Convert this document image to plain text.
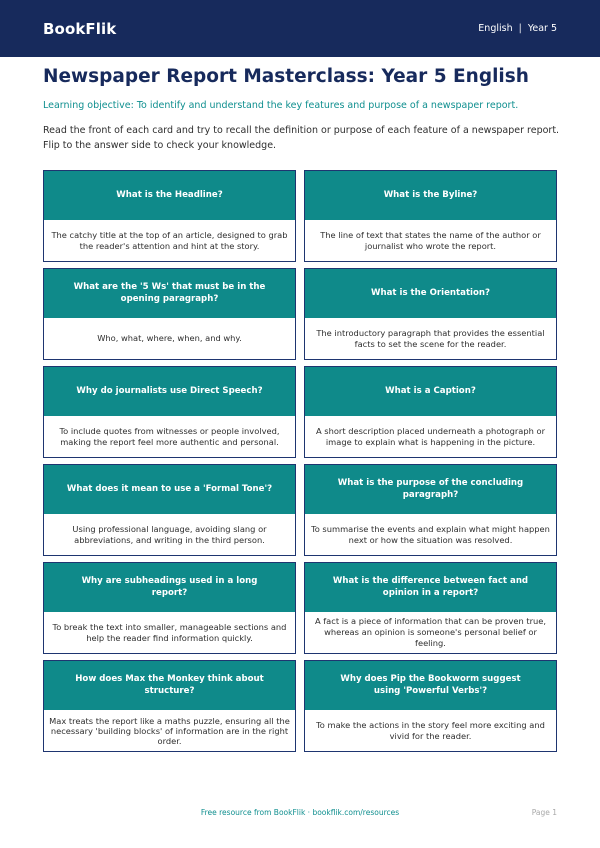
BookFlik	English | Year 5
Newspaper Report Masterclass: Year 5 English
Learning objective: To identify and understand the key features and purpose of a newspaper report.
Read the front of each card and try to recall the definition or purpose of each feature of a newspaper report. Flip to the answer side to check your knowledge.
What is the Headline?
The catchy title at the top of an article, designed to grab the reader's attention and hint at the story.
What is the Byline?
The line of text that states the name of the author or journalist who wrote the report.
What are the '5 Ws' that must be in the opening paragraph?
Who, what, where, when, and why.
What is the Orientation?
The introductory paragraph that provides the essential facts to set the scene for the reader.
Why do journalists use Direct Speech?
To include quotes from witnesses or people involved, making the report feel more authentic and personal.
What is a Caption?
A short description placed underneath a photograph or image to explain what is happening in the picture.
What does it mean to use a 'Formal Tone'?
Using professional language, avoiding slang or abbreviations, and writing in the third person.
What is the purpose of the concluding paragraph?
To summarise the events and explain what might happen next or how the situation was resolved.
Why are subheadings used in a long report?
To break the text into smaller, manageable sections and help the reader find information quickly.
What is the difference between fact and opinion in a report?
A fact is a piece of information that can be proven true, whereas an opinion is someone's personal belief or feeling.
How does Max the Monkey think about structure?
Max treats the report like a maths puzzle, ensuring all the necessary 'building blocks' of information are in the right order.
Why does Pip the Bookworm suggest using 'Powerful Verbs'?
To make the actions in the story feel more exciting and vivid for the reader.
Free resource from BookFlik · bookflik.com/resources	Page 1
